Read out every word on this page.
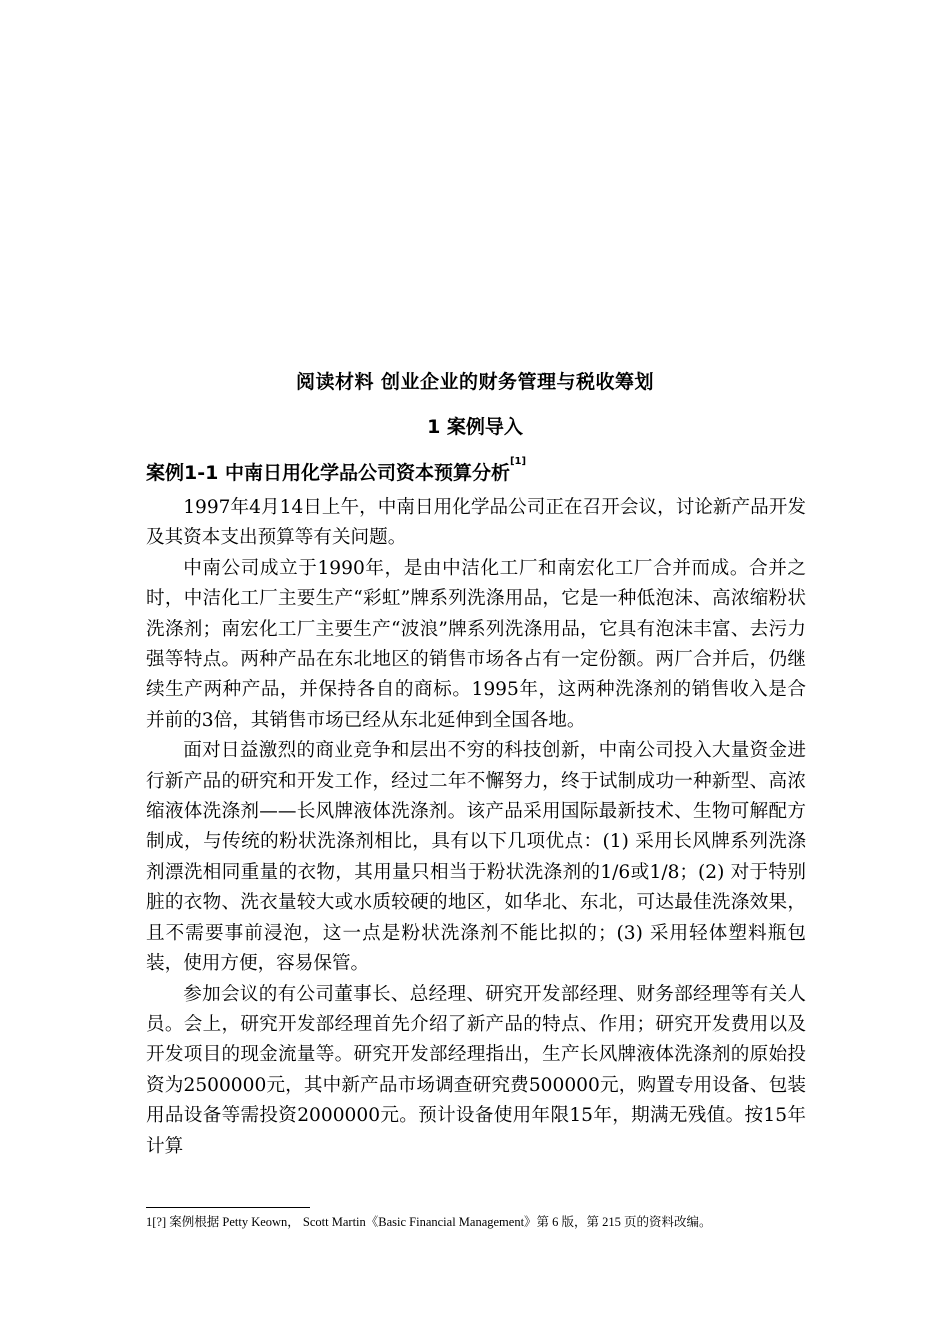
阅读材料 创业企业的财务管理与税收筹划
1 案例导入
案例1-1 中南日用化学品公司资本预算分析[1]

1997年4月14日上午，中南日用化学品公司正在召开会议，讨论新产品开发及其资本支出预算等有关问题。

中南公司成立于1990年，是由中洁化工厂和南宏化工厂合并而成。合并之时，中洁化工厂主要生产“彩虹”牌系列洗涤用品，它是一种低泡沫、高浓缩粉状洗涤剂；南宏化工厂主要生产“波浪”牌系列洗涤用品，它具有泡沫丰富、去污力强等特点。两种产品在东北地区的销售市场各占有一定份额。两厂合并后，仍继续生产两种产品，并保持各自的商标。1995年，这两种洗涤剂的销售收入是合并前的3倍，其销售市场已经从东北延伸到全国各地。

面对日益激烈的商业竞争和层出不穷的科技创新，中南公司投入大量资金进行新产品的研究和开发工作，经过二年不懈努力，终于试制成功一种新型、高浓缩液体洗涤剂——长风牌液体洗涤剂。该产品采用国际最新技术、生物可解配方制成，与传统的粉状洗涤剂相比，具有以下几项优点：(1) 采用长风牌系列洗涤剂漂洗相同重量的衣物，其用量只相当于粉状洗涤剂的1/6或1/8；(2) 对于特别脏的衣物、洗衣量较大或水质较硬的地区，如华北、东北，可达最佳洗涤效果，且不需要事前浸泡，这一点是粉状洗涤剂不能比拟的；(3) 采用轻体塑料瓶包装，使用方便，容易保管。

参加会议的有公司董事长、总经理、研究开发部经理、财务部经理等有关人员。会上，研究开发部经理首先介绍了新产品的特点、作用；研究开发费用以及开发项目的现金流量等。研究开发部经理指出，生产长风牌液体洗涤剂的原始投资为2500000元，其中新产品市场调查研究费500000元，购置专用设备、包装用品设备等需投资2000000元。预计设备使用年限15年，期满无残值。按15年计算

1[?] 案例根据 Petty Keown， Scott Martin《Basic Financial Management》第 6 版，第 215 页的资料改编。
